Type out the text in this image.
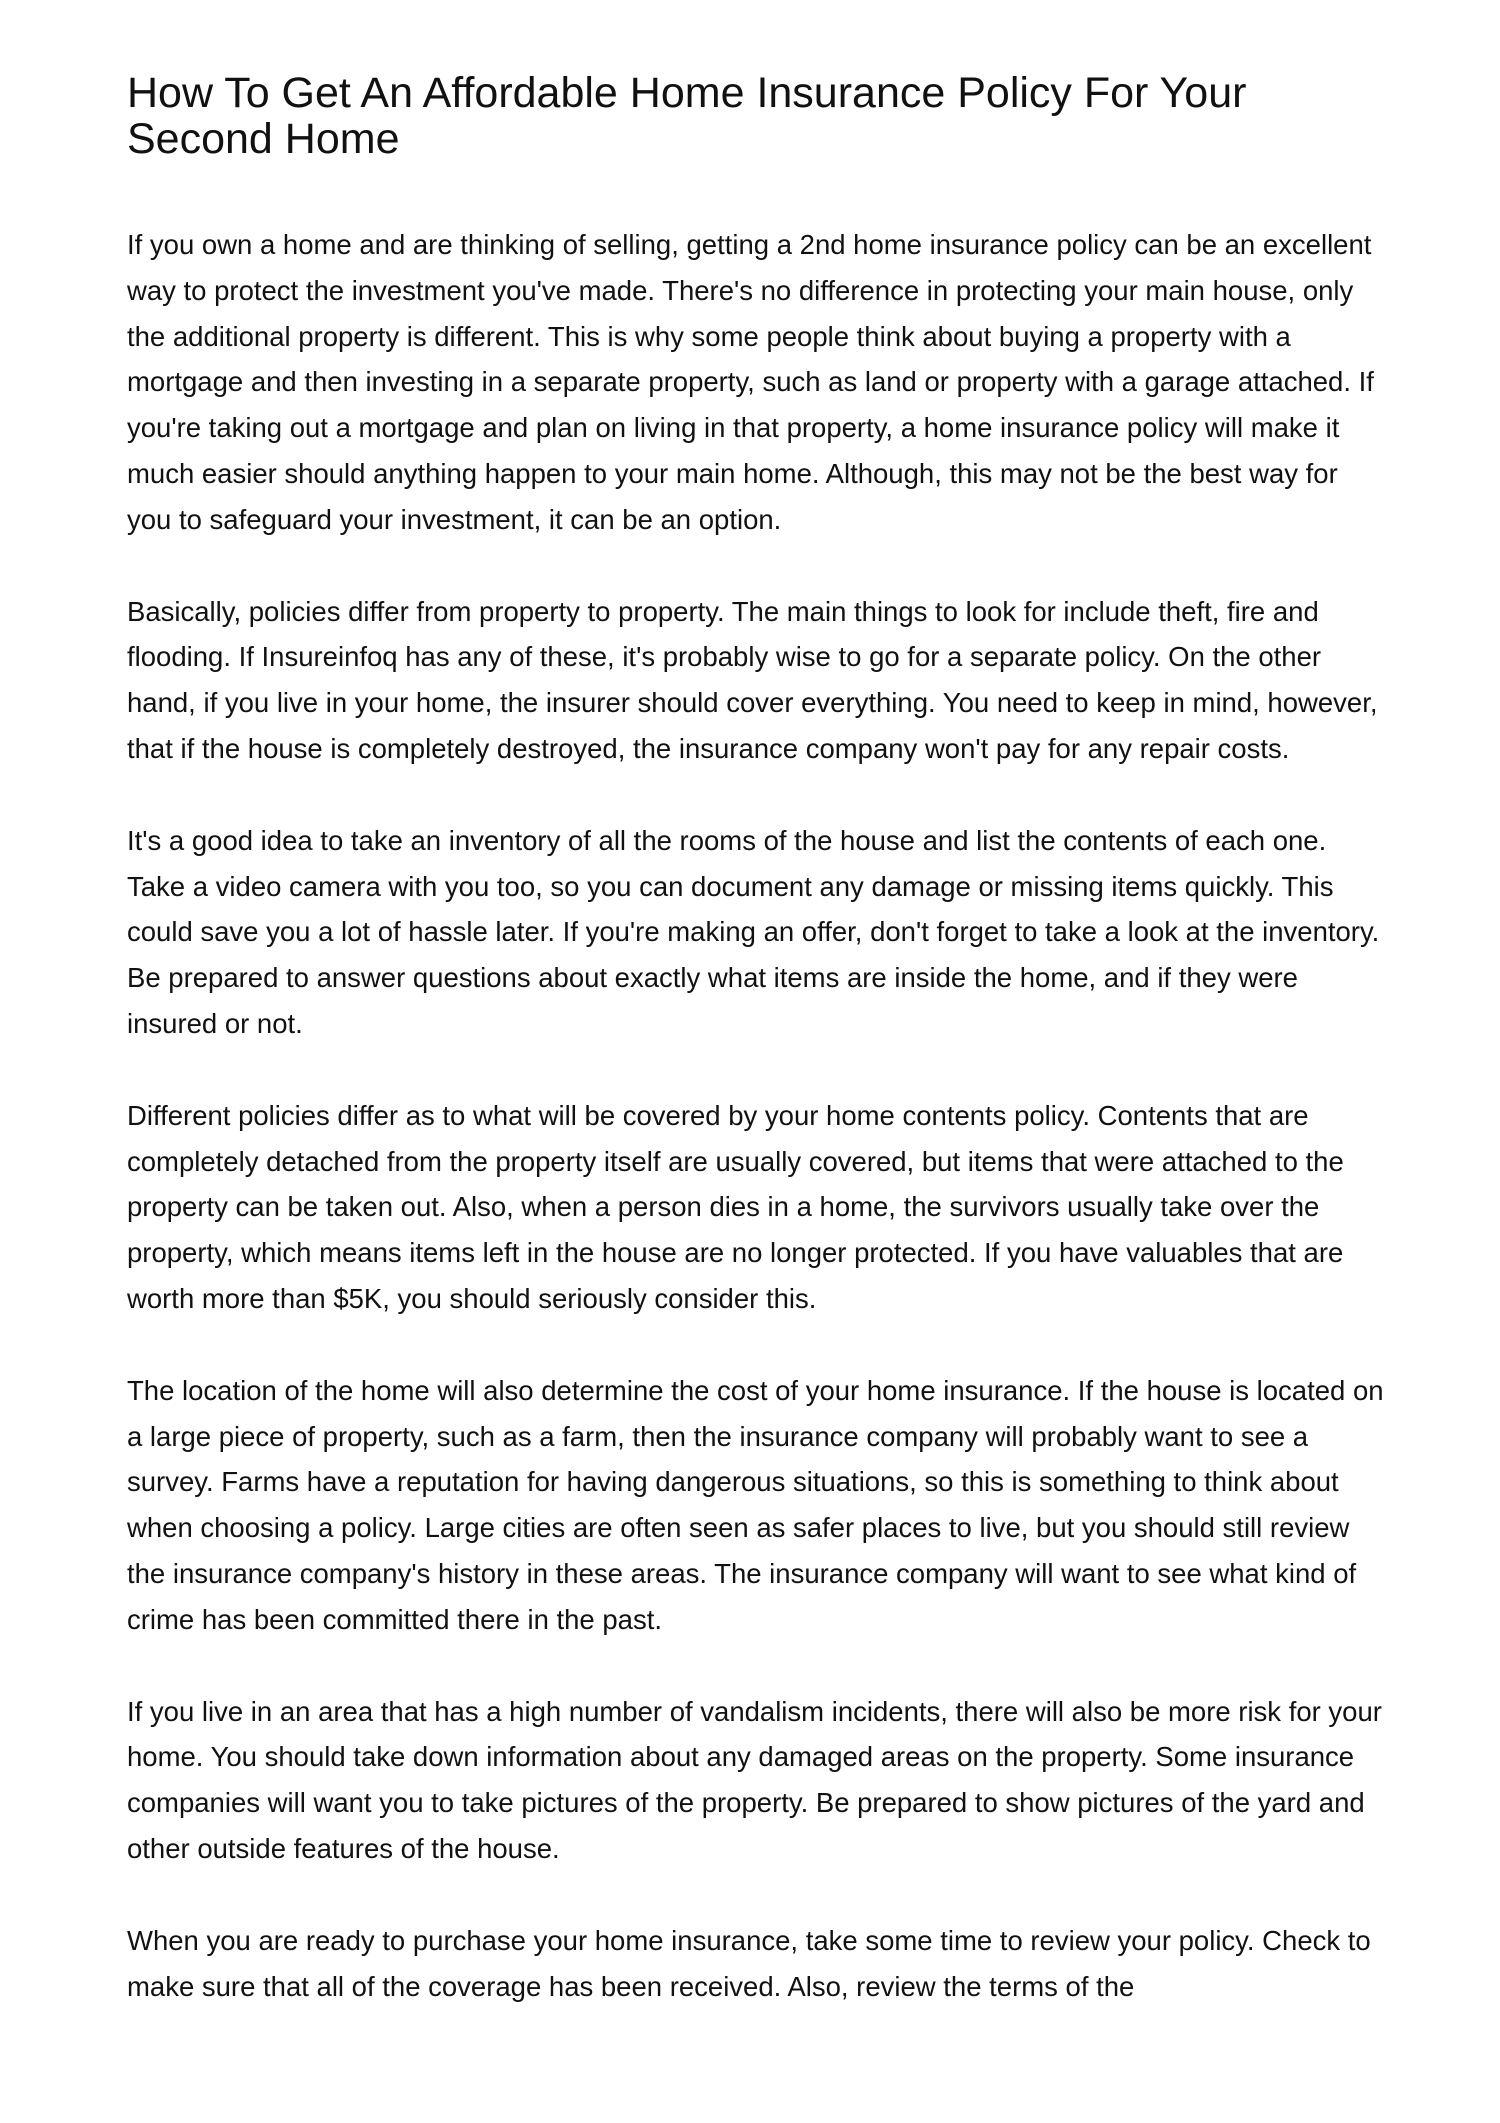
How To Get An Affordable Home Insurance Policy For Your Second Home

If you own a home and are thinking of selling, getting a 2nd home insurance policy can be an excellent way to protect the investment you've made. There's no difference in protecting your main house, only the additional property is different. This is why some people think about buying a property with a mortgage and then investing in a separate property, such as land or property with a garage attached. If you're taking out a mortgage and plan on living in that property, a home insurance policy will make it much easier should anything happen to your main home. Although, this may not be the best way for you to safeguard your investment, it can be an option.

Basically, policies differ from property to property. The main things to look for include theft, fire and flooding. If Insureinfoq has any of these, it's probably wise to go for a separate policy. On the other hand, if you live in your home, the insurer should cover everything. You need to keep in mind, however, that if the house is completely destroyed, the insurance company won't pay for any repair costs.

It's a good idea to take an inventory of all the rooms of the house and list the contents of each one. Take a video camera with you too, so you can document any damage or missing items quickly. This could save you a lot of hassle later. If you're making an offer, don't forget to take a look at the inventory. Be prepared to answer questions about exactly what items are inside the home, and if they were insured or not.

Different policies differ as to what will be covered by your home contents policy. Contents that are completely detached from the property itself are usually covered, but items that were attached to the property can be taken out. Also, when a person dies in a home, the survivors usually take over the property, which means items left in the house are no longer protected. If you have valuables that are worth more than $5K, you should seriously consider this.

The location of the home will also determine the cost of your home insurance. If the house is located on a large piece of property, such as a farm, then the insurance company will probably want to see a survey. Farms have a reputation for having dangerous situations, so this is something to think about when choosing a policy. Large cities are often seen as safer places to live, but you should still review the insurance company's history in these areas. The insurance company will want to see what kind of crime has been committed there in the past.

If you live in an area that has a high number of vandalism incidents, there will also be more risk for your home. You should take down information about any damaged areas on the property. Some insurance companies will want you to take pictures of the property. Be prepared to show pictures of the yard and other outside features of the house.

When you are ready to purchase your home insurance, take some time to review your policy. Check to make sure that all of the coverage has been received. Also, review the terms of the
